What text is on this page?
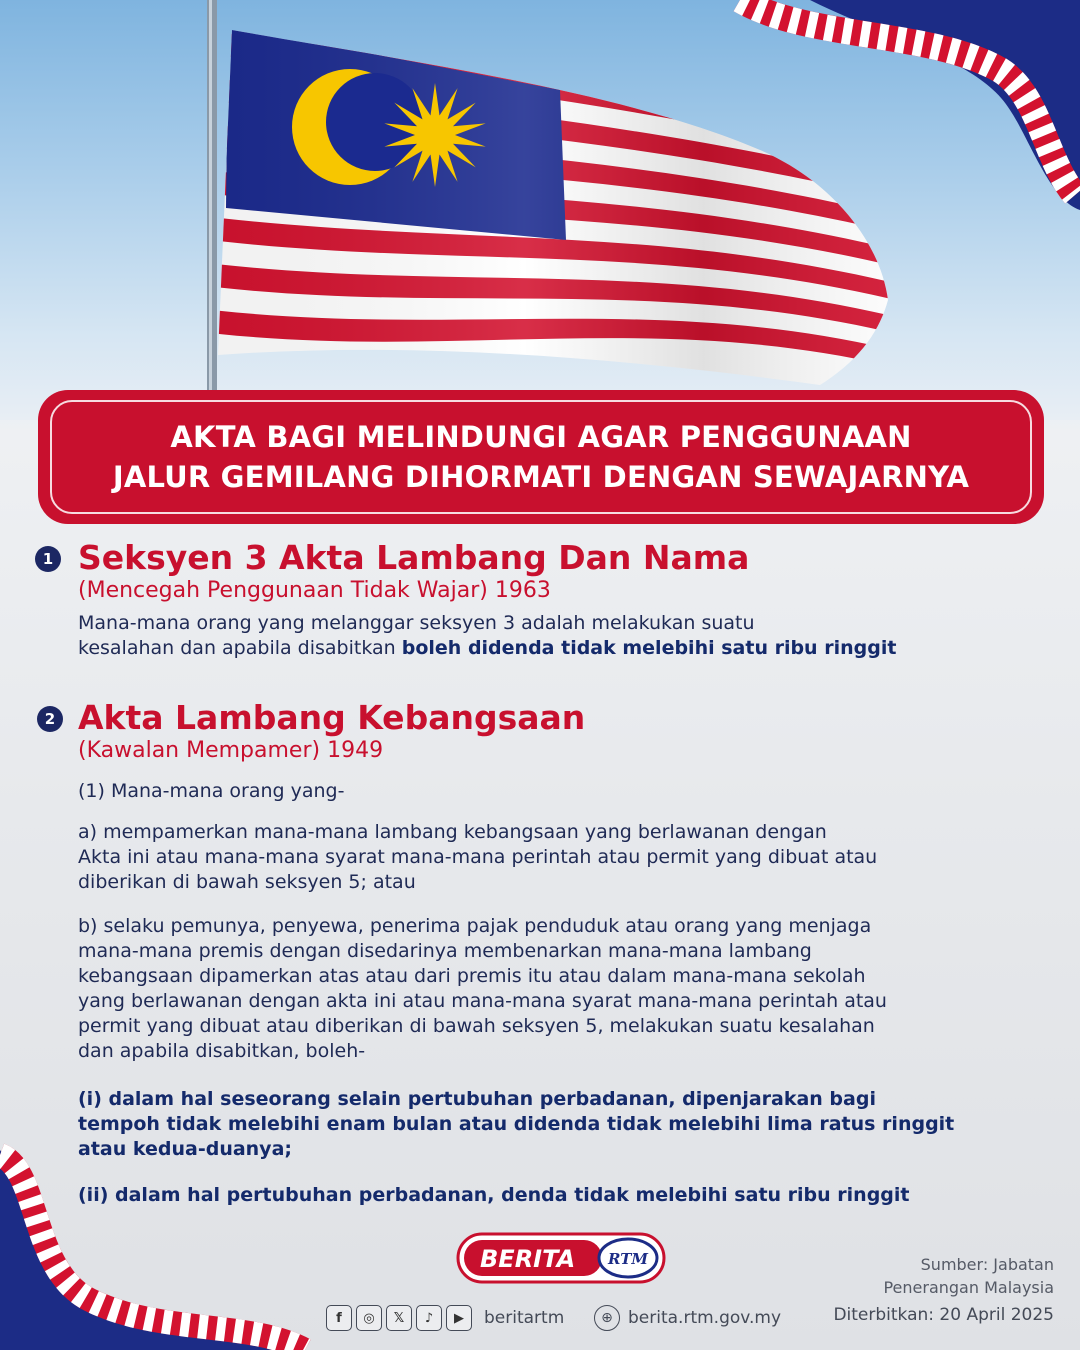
AKTA BAGI MELINDUNGI AGAR PENGGUNAAN
JALUR GEMILANG DIHORMATI DENGAN SEWAJARNYA
1 Seksyen 3 Akta Lambang Dan Nama
(Mencegah Penggunaan Tidak Wajar) 1963
Mana-mana orang yang melanggar seksyen 3 adalah melakukan suatu
kesalahan dan apabila disabitkan boleh didenda tidak melebihi satu ribu ringgit
2 Akta Lambang Kebangsaan
(Kawalan Mempamer) 1949
(1) Mana-mana orang yang-
a) mempamerkan mana-mana lambang kebangsaan yang berlawanan dengan
Akta ini atau mana-mana syarat mana-mana perintah atau permit yang dibuat atau
diberikan di bawah seksyen 5; atau
b) selaku pemunya, penyewa, penerima pajak penduduk atau orang yang menjaga
mana-mana premis dengan disedarinya membenarkan mana-mana lambang
kebangsaan dipamerkan atas atau dari premis itu atau dalam mana-mana sekolah
yang berlawanan dengan akta ini atau mana-mana syarat mana-mana perintah atau
permit yang dibuat atau diberikan di bawah seksyen 5, melakukan suatu kesalahan
dan apabila disabitkan, boleh-
(i) dalam hal seseorang selain pertubuhan perbadanan, dipenjarakan bagi
tempoh tidak melebihi enam bulan atau didenda tidak melebihi lima ratus ringgit
atau kedua-duanya;
(ii) dalam hal pertubuhan perbadanan, denda tidak melebihi satu ribu ringgit
BERITA RTM	Sumber: Jabatan
Penerangan Malaysia
f	◎	𝕏	♪	▶	beritartm	⊕ berita.rtm.gov.my	Diterbitkan: 20 April 2025
